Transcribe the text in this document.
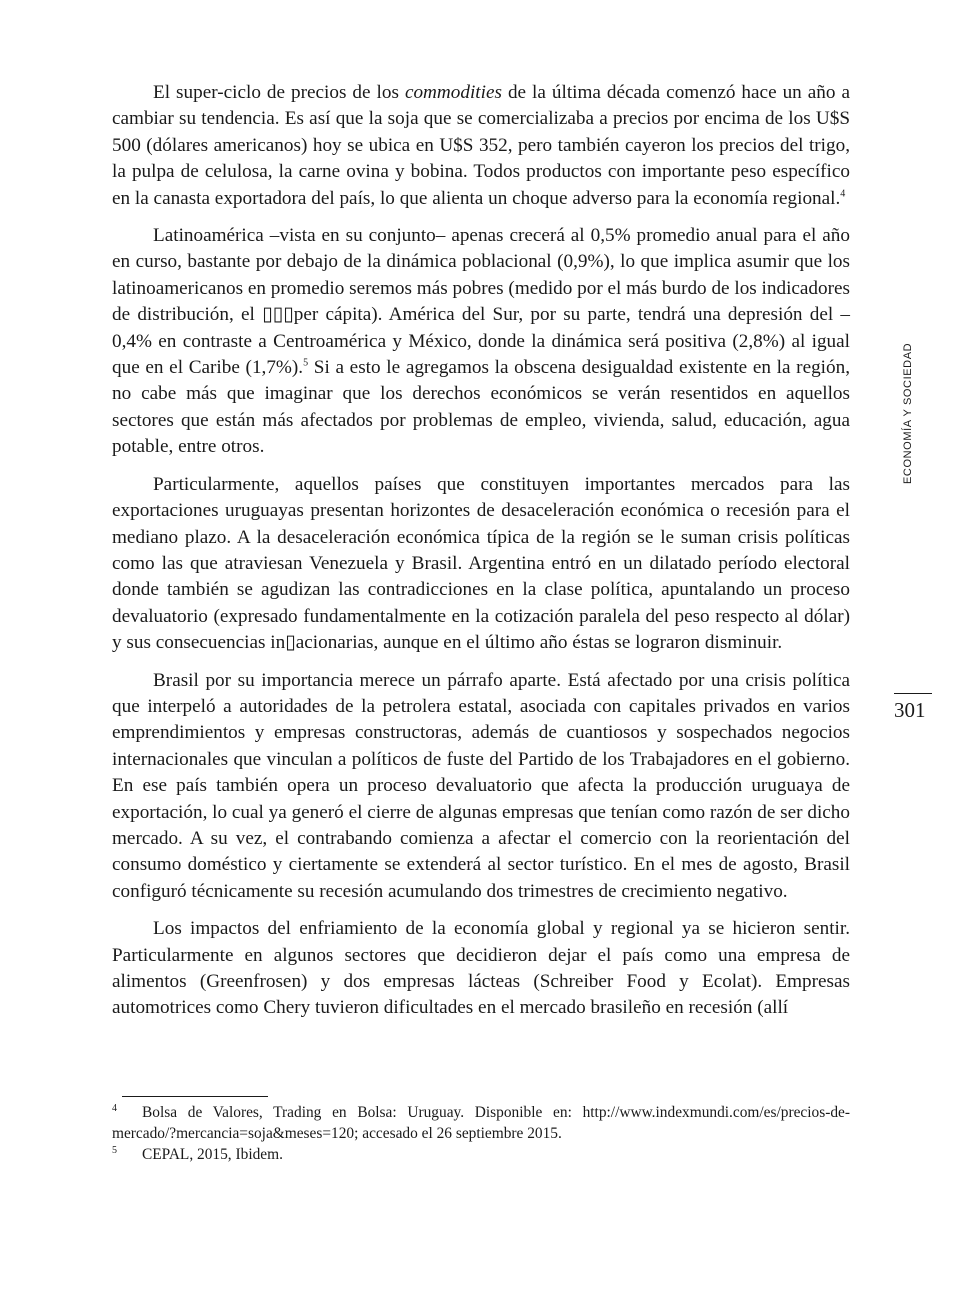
El super-ciclo de precios de los commodities de la última década comenzó hace un año a cambiar su tendencia. Es así que la soja que se comercializaba a precios por encima de los U$S 500 (dólares americanos) hoy se ubica en U$S 352, pero también cayeron los precios del trigo, la pulpa de celulosa, la carne ovina y bobina. Todos productos con importante peso específico en la canasta exportadora del país, lo que alienta un choque adverso para la economía regional.$^4$

Latinoamérica –vista en su conjunto– apenas crecerá al 0,5% promedio anual para el año en curso, bastante por debajo de la dinámica poblacional (0,9%), lo que implica asumir que los latinoamericanos en promedio seremos más pobres (medido por el más burdo de los indicadores de distribución, el ▯▯▯per cápita). América del Sur, por su parte, tendrá una depresión del –0,4% en contraste a Centroamérica y México, donde la dinámica será positiva (2,8%) al igual que en el Caribe (1,7%).$^5$ Si a esto le agregamos la obscena desigualdad existente en la región, no cabe más que imaginar que los derechos económicos se verán resentidos en aquellos sectores que están más afectados por problemas de empleo, vivienda, salud, educación, agua potable, entre otros.

Particularmente, aquellos países que constituyen importantes mercados para las exportaciones uruguayas presentan horizontes de desaceleración económica o recesión para el mediano plazo. A la desaceleración económica típica de la región se le suman crisis políticas como las que atraviesan Venezuela y Brasil. Argentina entró en un dilatado período electoral donde también se agudizan las contradicciones en la clase política, apuntalando un proceso devaluatorio (expresado fundamentalmente en la cotización paralela del peso respecto al dólar) y sus consecuencias in▯acionarias, aunque en el último año éstas se lograron disminuir.

Brasil por su importancia merece un párrafo aparte. Está afectado por una crisis política que interpeló a autoridades de la petrolera estatal, asociada con capitales privados en varios emprendimientos y empresas constructoras, además de cuantiosos y sospechados negocios internacionales que vinculan a políticos de fuste del Partido de los Trabajadores en el gobierno. En ese país también opera un proceso devaluatorio que afecta la producción uruguaya de exportación, lo cual ya generó el cierre de algunas empresas que tenían como razón de ser dicho mercado. A su vez, el contrabando comienza a afectar el comercio con la reorientación del consumo doméstico y ciertamente se extenderá al sector turístico. En el mes de agosto, Brasil configuró técnicamente su recesión acumulando dos trimestres de crecimiento negativo.

Los impactos del enfriamiento de la economía global y regional ya se hicieron sentir. Particularmente en algunos sectores que decidieron dejar el país como una empresa de alimentos (Greenfrosen) y dos empresas lácteas (Schreiber Food y Ecolat). Empresas automotrices como Chery tuvieron dificultades en el mercado brasileño en recesión (allí

ECONOMÍA Y SOCIEDAD
301

4 Bolsa de Valores, Trading en Bolsa: Uruguay. Disponible en: http://www.indexmundi.com/es/precios-de-mercado/?mercancia=soja&meses=120; accesado el 26 septiembre 2015.

5 CEPAL, 2015, Ibidem.
